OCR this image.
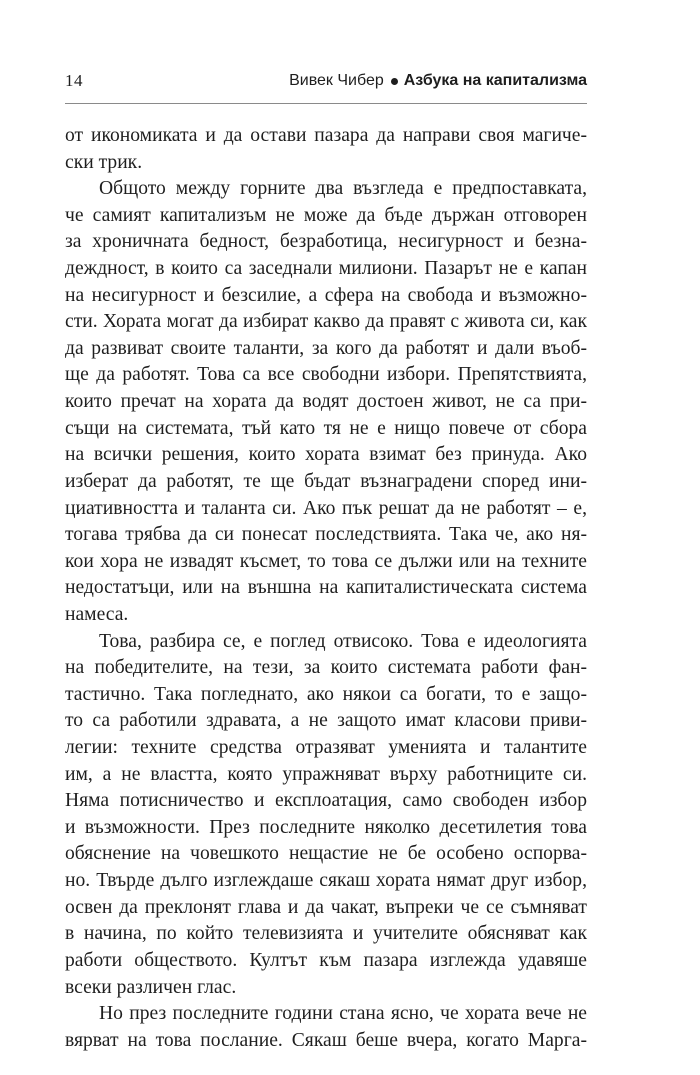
14	Вивек Чибер Азбука на капитализма
от икономиката и да остави пазара да направи своя магиче-
ски трик.
Общото между горните два възгледа е предпоставката,
че самият капитализъм не може да бъде държан отговорен
за хроничната бедност, безработица, несигурност и безна-
деждност, в които са заседнали милиони. Пазарът не е капан
на несигурност и безсилие, а сфера на свобода и възможно-
сти. Хората могат да избират какво да правят с живота си, как
да развиват своите таланти, за кого да работят и дали въоб-
ще да работят. Това са все свободни избори. Препятствията,
които пречат на хората да водят достоен живот, не са при-
същи на системата, тъй като тя не е нищо повече от сбора
на всички решения, които хората взимат без принуда. Ако
изберат да работят, те ще бъдат възнаградени според ини-
циативността и таланта си. Ако пък решат да не работят – е,
тогава трябва да си понесат последствията. Така че, ако ня-
кои хора не извадят късмет, то това се дължи или на техните
недостатъци, или на външна на капиталистическата система
намеса.
Това, разбира се, е поглед отвисоко. Това е идеологията
на победителите, на тези, за които системата работи фан-
тастично. Така погледнато, ако някои са богати, то е защо-
то са работили здравата, а не защото имат класови приви-
легии: техните средства отразяват уменията и талантите
им, а не властта, която упражняват върху работниците си.
Няма потисничество и експлоатация, само свободен избор
и възможности. През последните няколко десетилетия това
обяснение на човешкото нещастие не бе особено оспорва-
но. Твърде дълго изглеждаше сякаш хората нямат друг избор,
освен да преклонят глава и да чакат, въпреки че се съмняват
в начина, по който телевизията и учителите обясняват как
работи обществото. Култът към пазара изглежда удавяше
всеки различен глас.
Но през последните години стана ясно, че хората вече не
вярват на това послание. Сякаш беше вчера, когато Марга-
